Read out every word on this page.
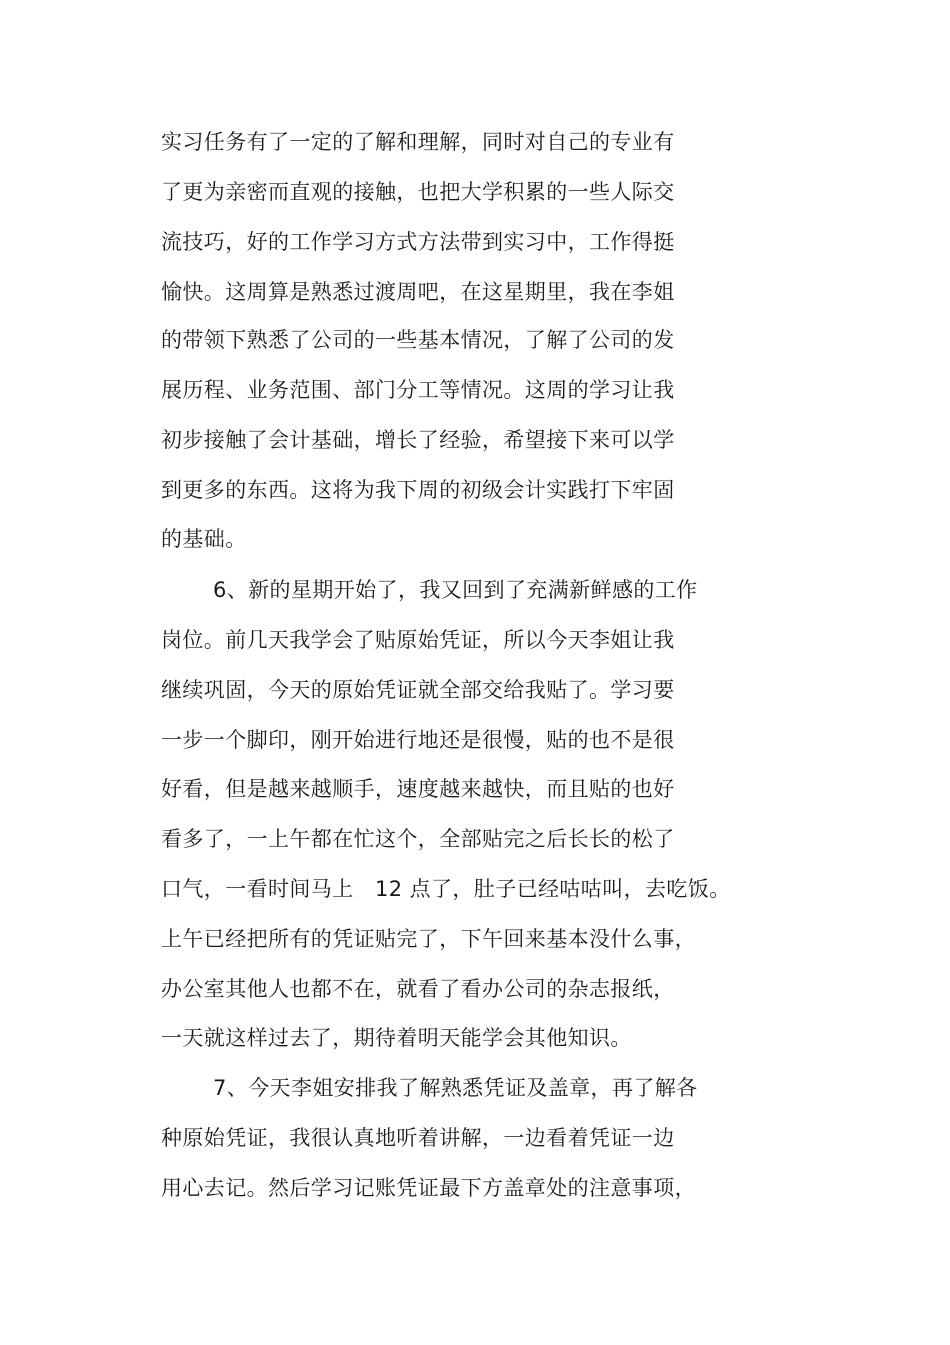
实习任务有了一定的了解和理解，同时对自己的专业有
了更为亲密而直观的接触，也把大学积累的一些人际交
流技巧，好的工作学习方式方法带到实习中，工作得挺
愉快。这周算是熟悉过渡周吧，在这星期里，我在李姐
的带领下熟悉了公司的一些基本情况，了解了公司的发
展历程、业务范围、部门分工等情况。这周的学习让我
初步接触了会计基础，增长了经验，希望接下来可以学
到更多的东西。这将为我下周的初级会计实践打下牢固
的基础。
6、新的星期开始了，我又回到了充满新鲜感的工作
岗位。前几天我学会了贴原始凭证，所以今天李姐让我
继续巩固，今天的原始凭证就全部交给我贴了。学习要
一步一个脚印，刚开始进行地还是很慢，贴的也不是很
好看，但是越来越顺手，速度越来越快，而且贴的也好
看多了，一上午都在忙这个，全部贴完之后长长的松了
口气，一看时间马上　12 点了，肚子已经咕咕叫，去吃饭。
上午已经把所有的凭证贴完了，下午回来基本没什么事，
办公室其他人也都不在，就看了看办公司的杂志报纸，
一天就这样过去了，期待着明天能学会其他知识。
7、今天李姐安排我了解熟悉凭证及盖章，再了解各
种原始凭证，我很认真地听着讲解，一边看着凭证一边
用心去记。然后学习记账凭证最下方盖章处的注意事项，
